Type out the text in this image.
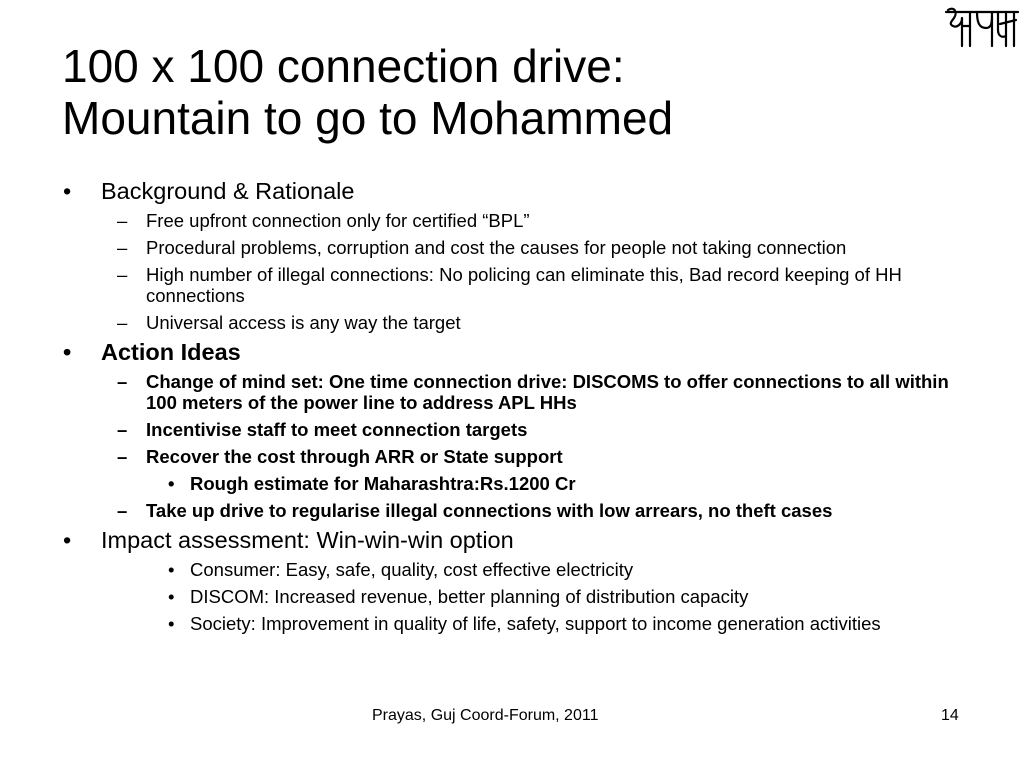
100 x 100 connection drive:
Mountain to go to Mohammed
• Background & Rationale
– Free upfront connection only for certified “BPL”
– Procedural problems, corruption and cost the causes for people not taking connection
– High number of illegal connections: No policing can eliminate this, Bad record keeping of HH connections
– Universal access is any way the target
• Action Ideas
– Change of mind set: One time connection drive: DISCOMS to offer connections to all within 100 meters of the power line to address APL HHs
– Incentivise staff to meet connection targets
– Recover the cost through ARR or State support
• Rough estimate for Maharashtra:Rs.1200 Cr
– Take up drive to regularise illegal connections with low arrears, no theft cases
• Impact assessment: Win-win-win option
• Consumer: Easy, safe, quality, cost effective electricity
• DISCOM: Increased revenue, better planning of distribution capacity
• Society: Improvement in quality of life, safety, support to income generation activities
Prayas, Guj Coord-Forum, 2011	14
